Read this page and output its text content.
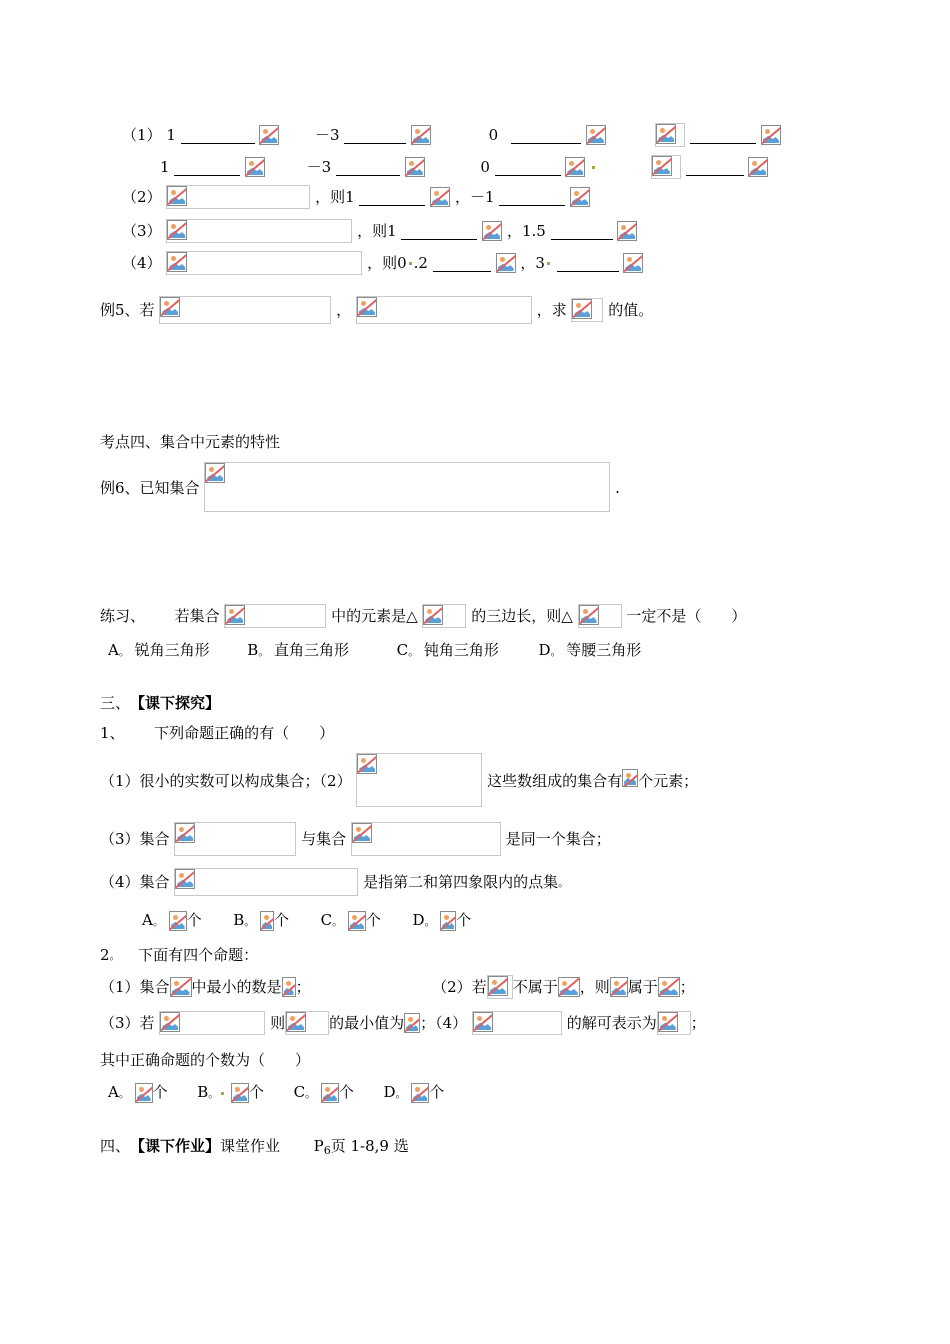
（1） 1	－3	0

1	－3	0

（2）	，则1	，－1
（3）	，则1	，1.5
（4）	，则0 .2	，3
例5、若	，	，求	的值。
考点四、集合中元素的特性
例6、已知集合	.
练习、 若集合	中的元素是△	的三边长，则△	一定不是（　　）
A。 锐角三角形	B。 直角三角形	C。 钝角三角形	D。 等腰三角形
三、【课下探究】
1、 下列命题正确的有（　　）
（1）很小的实数可以构成集合；（2）	这些数组成的集合有 个元素；
（3）集合	与集合	是同一个集合；
（4）集合	是指第二和第四象限内的点集。
A。 个 B。 个 C。 个 D。 个
2。 下面有四个命题：
（1）集合 中最小的数是 ；	（2）若 不属于 ，则 属于 ；
（3）若	则	的最小值为 ；（4）	的解可表示为 ；
其中正确命题的个数为（　　）
A。 个 B。 个 C。 个 D。 个
四、【课下作业】课堂作业 P6页 1-8,9 选
